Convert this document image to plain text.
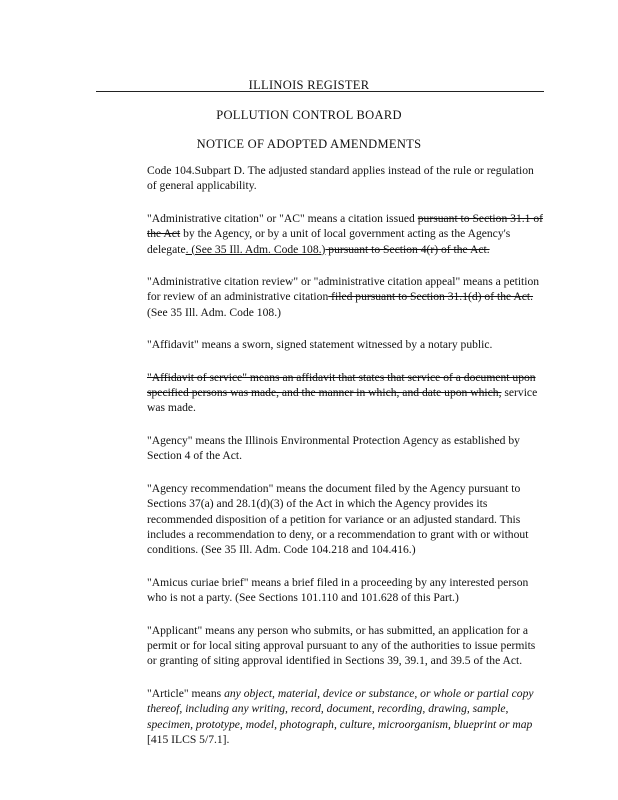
ILLINOIS REGISTER
POLLUTION CONTROL BOARD
NOTICE OF ADOPTED AMENDMENTS

Code 104.Subpart D. The adjusted standard applies instead of the rule or regulation of general applicability.

"Administrative citation" or "AC" means a citation issued pursuant to Section 31.1 of the Act by the Agency, or by a unit of local government acting as the Agency's delegate. (See 35 Ill. Adm. Code 108.) pursuant to Section 4(r) of the Act.

"Administrative citation review" or "administrative citation appeal" means a petition for review of an administrative citation filed pursuant to Section 31.1(d) of the Act. (See 35 Ill. Adm. Code 108.)

"Affidavit" means a sworn, signed statement witnessed by a notary public.

"Affidavit of service" means an affidavit that states that service of a document upon specified persons was made, and the manner in which, and date upon which, service was made.

"Agency" means the Illinois Environmental Protection Agency as established by Section 4 of the Act.

"Agency recommendation" means the document filed by the Agency pursuant to Sections 37(a) and 28.1(d)(3) of the Act in which the Agency provides its recommended disposition of a petition for variance or an adjusted standard. This includes a recommendation to deny, or a recommendation to grant with or without conditions. (See 35 Ill. Adm. Code 104.218 and 104.416.)

"Amicus curiae brief" means a brief filed in a proceeding by any interested person who is not a party. (See Sections 101.110 and 101.628 of this Part.)

"Applicant" means any person who submits, or has submitted, an application for a permit or for local siting approval pursuant to any of the authorities to issue permits or granting of siting approval identified in Sections 39, 39.1, and 39.5 of the Act.

"Article" means any object, material, device or substance, or whole or partial copy thereof, including any writing, record, document, recording, drawing, sample, specimen, prototype, model, photograph, culture, microorganism, blueprint or map [415 ILCS 5/7.1].
